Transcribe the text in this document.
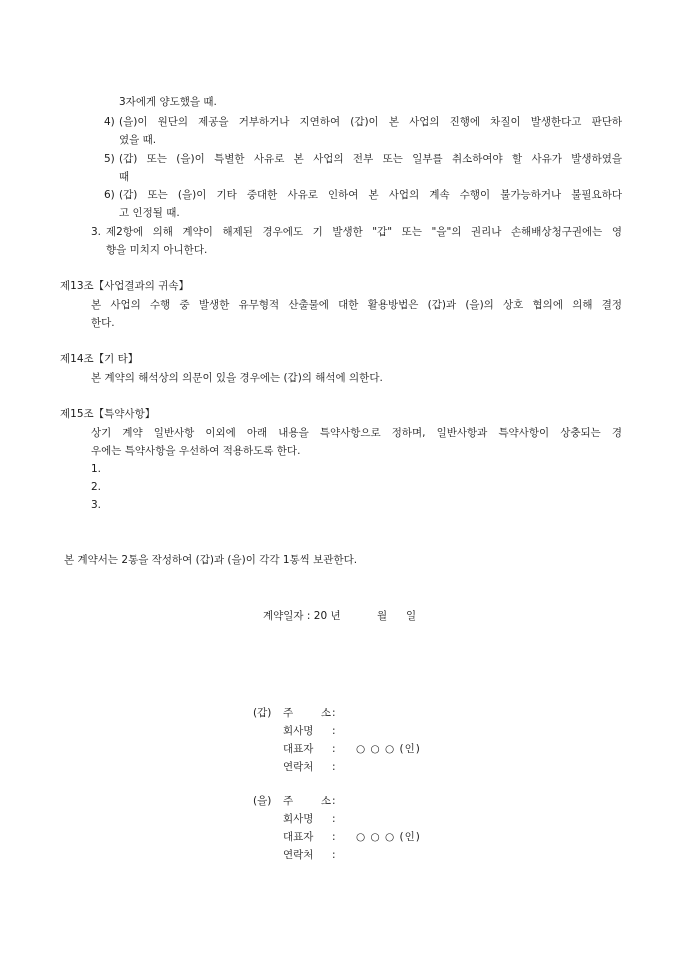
3자에게 양도했을 때.
4) (을)이 원단의 제공을 거부하거나 지연하여 (갑)이 본 사업의 진행에 차질이 발생한다고 판단하
였을 때.
5) (갑) 또는 (을)이 특별한 사유로 본 사업의 전부 또는 일부를 취소하여야 할 사유가 발생하였을
때
6) (갑) 또는 (을)이 기타 중대한 사유로 인하여 본 사업의 계속 수행이 불가능하거나 불필요하다
고 인정될 때.
3. 제2항에 의해 계약이 해제된 경우에도 기 발생한 "갑" 또는 "을"의 권리나 손해배상청구권에는 영
향을 미치지 아니한다.
제13조【사업결과의 귀속】
본 사업의 수행 중 발생한 유무형적 산출물에 대한 활용방법은 (갑)과 (을)의 상호 협의에 의해 결정
한다.
제14조【기 타】
본 계약의 해석상의 의문이 있을 경우에는 (갑)의 해석에 의한다.
제15조【특약사항】
상기 계약 일반사항 이외에 아래 내용을 특약사항으로 정하며, 일반사항과 특약사항이 상충되는 경
우에는 특약사항을 우선하여 적용하도록 한다.
1.
2.
3.
본 계약서는 2통을 작성하여 (갑)과 (을)이 각각 1통씩 보관한다.
계약일자 : 20 년	월 일
(갑) 주 소 :
회사명	:
대표자	: ○ ○ ○ (인)
연락처	:
(을) 주 소 :
회사명	:
대표자	: ○ ○ ○ (인)
연락처	:
